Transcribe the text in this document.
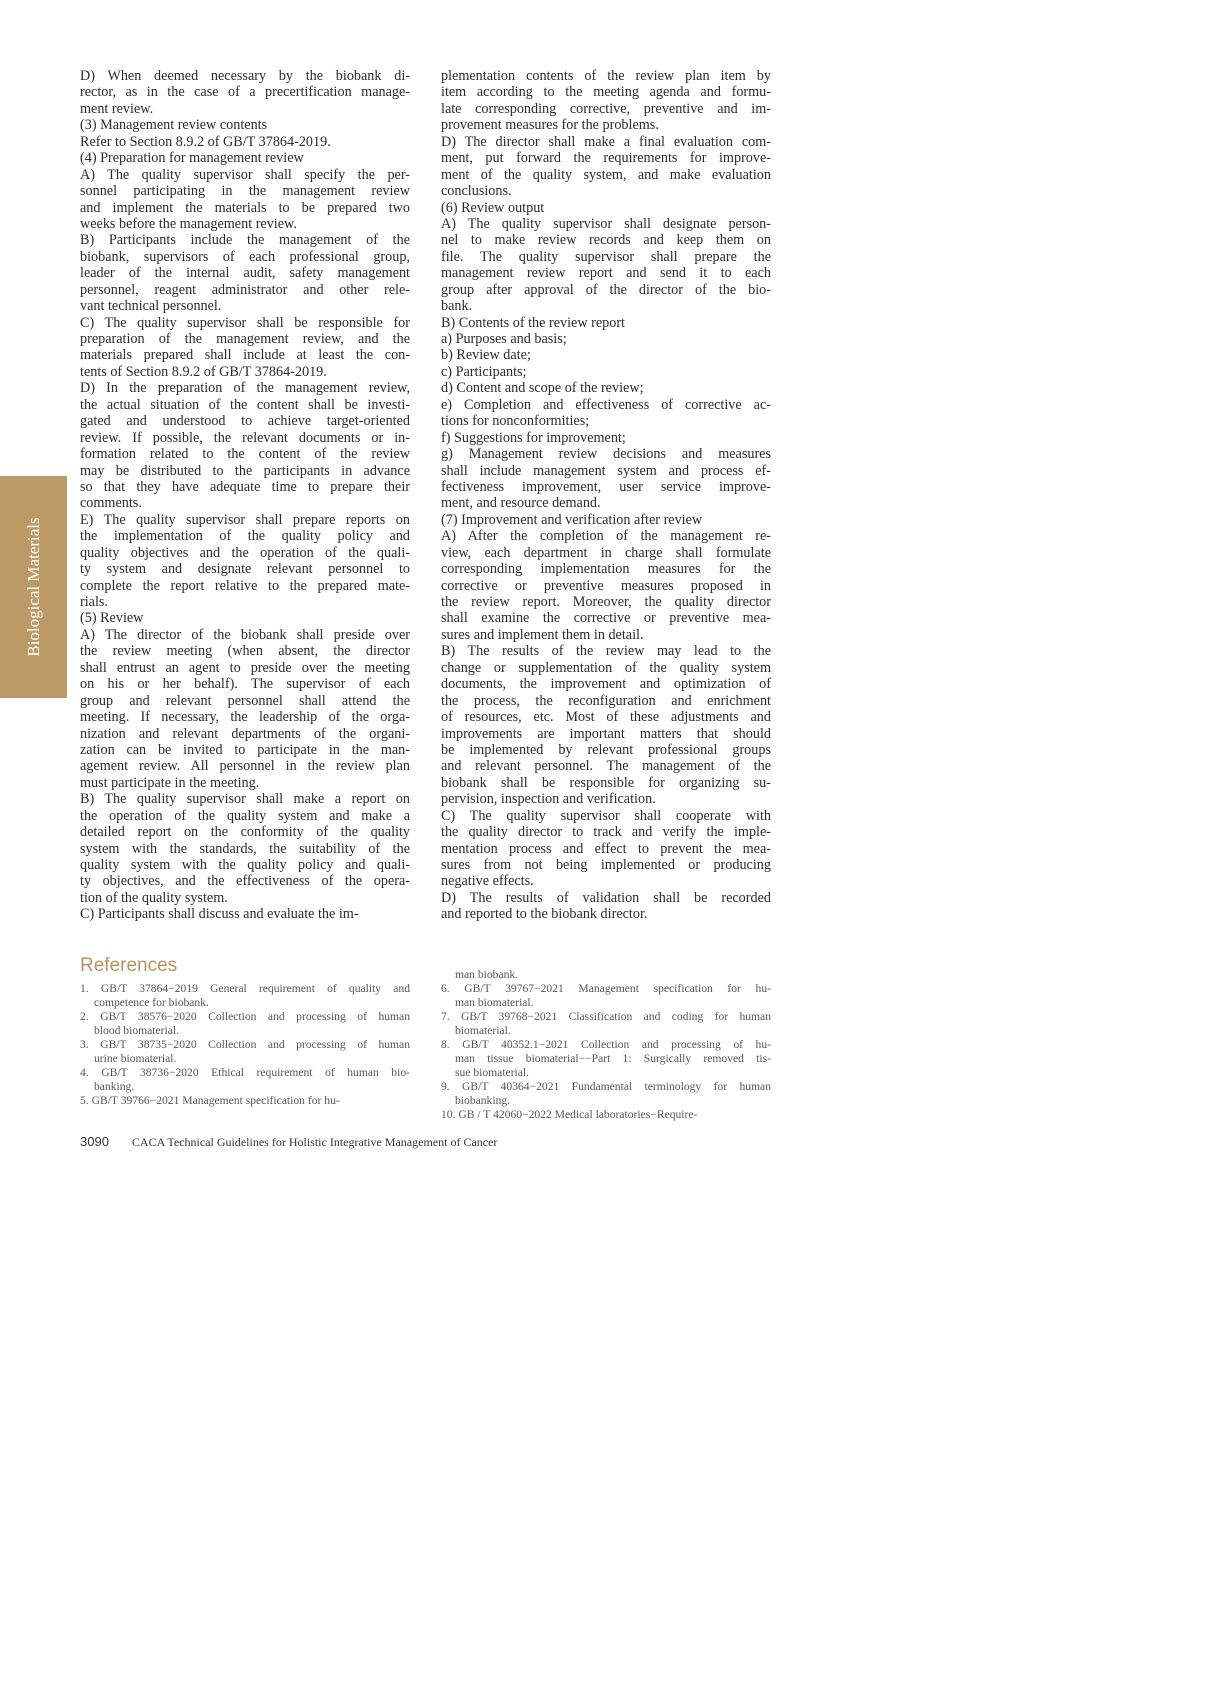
Biological Materials
D) When deemed necessary by the biobank di-
rector, as in the case of a precertification manage-
ment review.
(3) Management review contents
Refer to Section 8.9.2 of GB/T 37864-2019.
(4) Preparation for management review
A) The quality supervisor shall specify the per-
sonnel participating in the management review
and implement the materials to be prepared two
weeks before the management review.
B) Participants include the management of the
biobank, supervisors of each professional group,
leader of the internal audit, safety management
personnel, reagent administrator and other rele-
vant technical personnel.
C) The quality supervisor shall be responsible for
preparation of the management review, and the
materials prepared shall include at least the con-
tents of Section 8.9.2 of GB/T 37864-2019.
D) In the preparation of the management review,
the actual situation of the content shall be investi-
gated and understood to achieve target-oriented
review. If possible, the relevant documents or in-
formation related to the content of the review
may be distributed to the participants in advance
so that they have adequate time to prepare their
comments.
E) The quality supervisor shall prepare reports on
the implementation of the quality policy and
quality objectives and the operation of the quali-
ty system and designate relevant personnel to
complete the report relative to the prepared mate-
rials.
(5) Review
A) The director of the biobank shall preside over
the review meeting (when absent, the director
shall entrust an agent to preside over the meeting
on his or her behalf). The supervisor of each
group and relevant personnel shall attend the
meeting. If necessary, the leadership of the orga-
nization and relevant departments of the organi-
zation can be invited to participate in the man-
agement review. All personnel in the review plan
must participate in the meeting.
B) The quality supervisor shall make a report on
the operation of the quality system and make a
detailed report on the conformity of the quality
system with the standards, the suitability of the
quality system with the quality policy and quali-
ty objectives, and the effectiveness of the opera-
tion of the quality system.
C) Participants shall discuss and evaluate the im-
plementation contents of the review plan item by
item according to the meeting agenda and formu-
late corresponding corrective, preventive and im-
provement measures for the problems.
D) The director shall make a final evaluation com-
ment, put forward the requirements for improve-
ment of the quality system, and make evaluation
conclusions.
(6) Review output
A) The quality supervisor shall designate person-
nel to make review records and keep them on
file. The quality supervisor shall prepare the
management review report and send it to each
group after approval of the director of the bio-
bank.
B) Contents of the review report
a) Purposes and basis;
b) Review date;
c) Participants;
d) Content and scope of the review;
e) Completion and effectiveness of corrective ac-
tions for nonconformities;
f) Suggestions for improvement;
g) Management review decisions and measures
shall include management system and process ef-
fectiveness improvement, user service improve-
ment, and resource demand.
(7) Improvement and verification after review
A) After the completion of the management re-
view, each department in charge shall formulate
corresponding implementation measures for the
corrective or preventive measures proposed in
the review report. Moreover, the quality director
shall examine the corrective or preventive mea-
sures and implement them in detail.
B) The results of the review may lead to the
change or supplementation of the quality system
documents, the improvement and optimization of
the process, the reconfiguration and enrichment
of resources, etc. Most of these adjustments and
improvements are important matters that should
be implemented by relevant professional groups
and relevant personnel. The management of the
biobank shall be responsible for organizing su-
pervision, inspection and verification.
C) The quality supervisor shall cooperate with
the quality director to track and verify the imple-
mentation process and effect to prevent the mea-
sures from not being implemented or producing
negative effects.
D) The results of validation shall be recorded
and reported to the biobank director.
References
1. GB/T 37864−2019 General requirement of quality and
competence for biobank.
2. GB/T 38576−2020 Collection and processing of human
blood biomaterial.
3. GB/T 38735−2020 Collection and processing of human
urine biomaterial.
4. GB/T 38736−2020 Ethical requirement of human bio-
banking.
5. GB/T 39766−2021 Management specification for hu-
man biobank.
6. GB/T 39767−2021 Management specification for hu-
man biomaterial.
7. GB/T 39768−2021 Classification and coding for human
biomaterial.
8. GB/T 40352.1−2021 Collection and processing of hu-
man tissue biomaterial−−Part 1: Surgically removed tis-
sue biomaterial.
9. GB/T 40364−2021 Fundamental terminology for human
biobanking.
10. GB / T 42060−2022 Medical laboratories−Require-
3090 CACA Technical Guidelines for Holistic Integrative Management of Cancer
